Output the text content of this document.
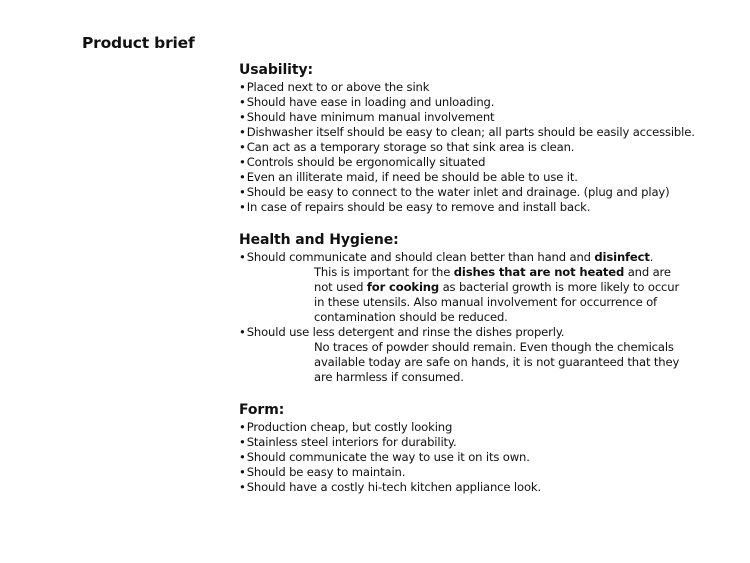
Product brief
Usability:
•Placed next to or above the sink
•Should have ease in loading and unloading.
•Should have minimum manual involvement
•Dishwasher itself should be easy to clean; all parts should be easily accessible.
•Can act as a temporary storage so that sink area is clean.
•Controls should be ergonomically situated
•Even an illiterate maid, if need be should be able to use it.
•Should be easy to connect to the water inlet and drainage. (plug and play)
•In case of repairs should be easy to remove and install back.
Health and Hygiene:
•Should communicate and should clean better than hand and disinfect.
This is important for the dishes that are not heated and are not used for cooking as bacterial growth is more likely to occur in these utensils. Also manual involvement for occurrence of contamination should be reduced.
•Should use less detergent and rinse the dishes properly.
No traces of powder should remain. Even though the chemicals available today are safe on hands, it is not guaranteed that they are harmless if consumed.
Form:
•Production cheap, but costly looking
•Stainless steel interiors for durability.
•Should communicate the way to use it on its own.
•Should be easy to maintain.
•Should have a costly hi-tech kitchen appliance look.
